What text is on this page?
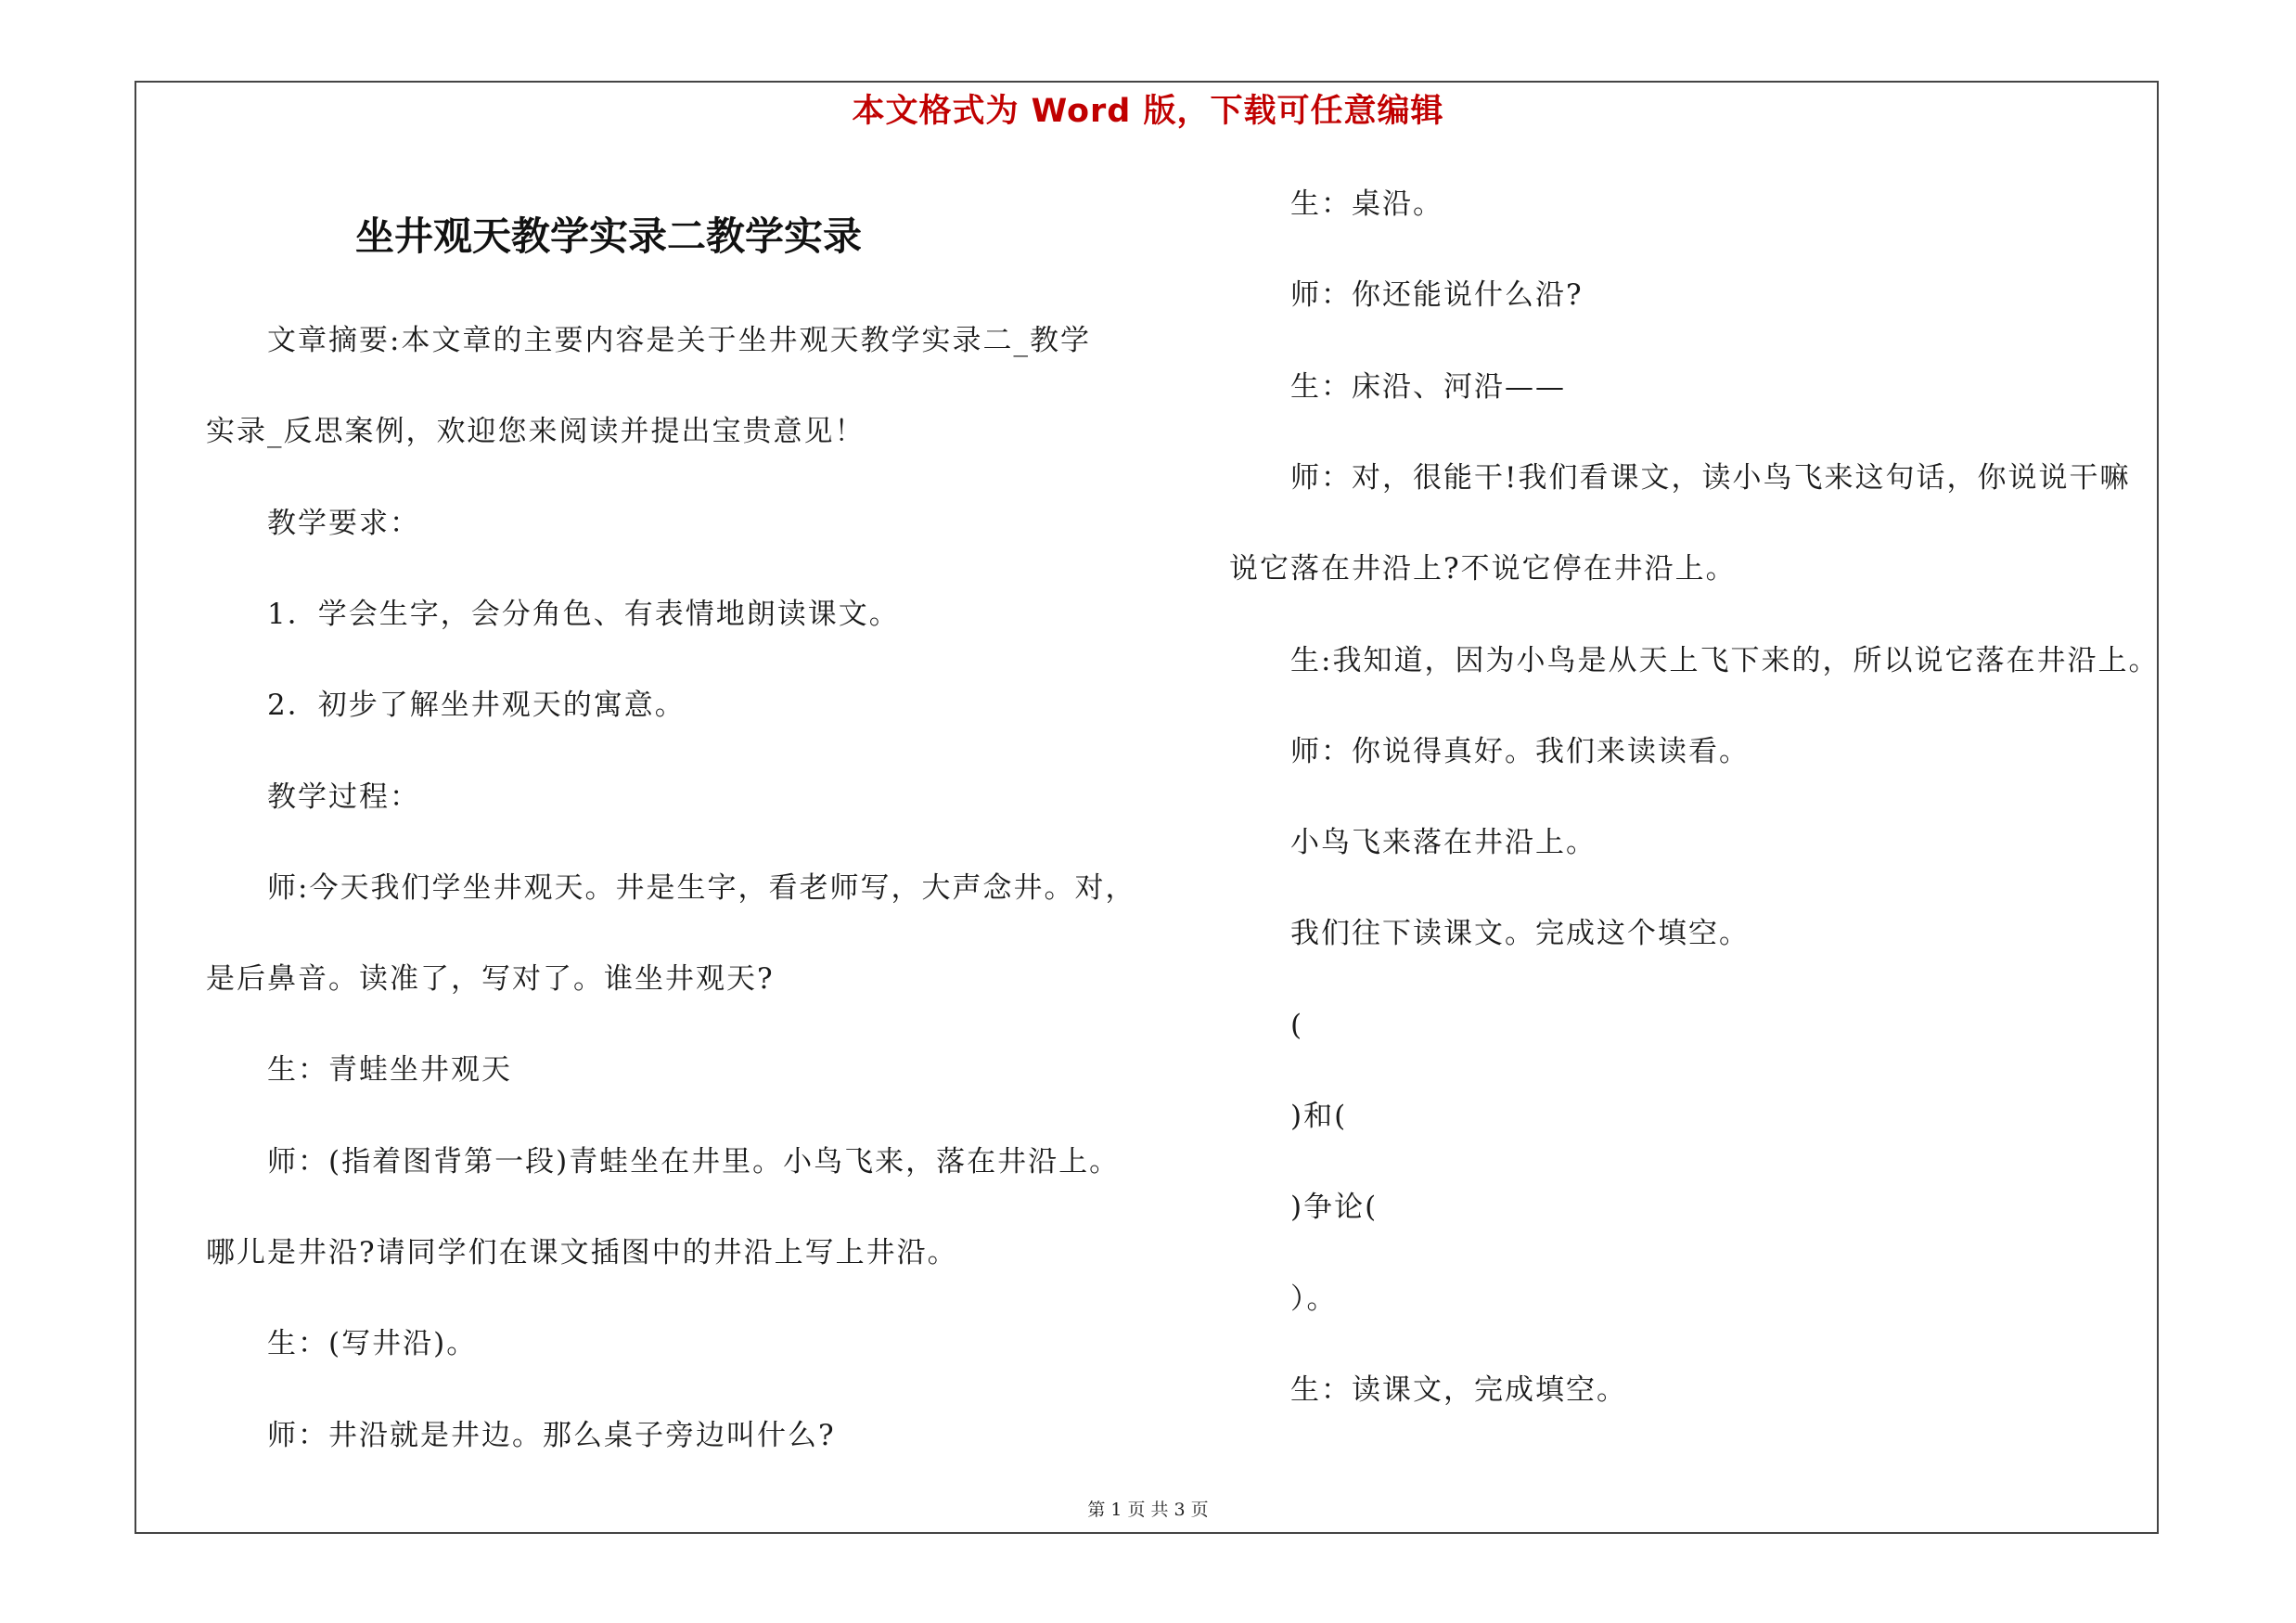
本文格式为 Word 版，下载可任意编辑
坐井观天教学实录二教学实录
文章摘要:本文章的主要内容是关于坐井观天教学实录二_教学
实录_反思案例，欢迎您来阅读并提出宝贵意见！
教学要求：
1．学会生字，会分角色、有表情地朗读课文。
2．初步了解坐井观天的寓意。
教学过程：
师:今天我们学坐井观天。井是生字，看老师写，大声念井。对，
是后鼻音。读准了，写对了。谁坐井观天?
生：青蛙坐井观天
师：(指着图背第一段)青蛙坐在井里。小鸟飞来，落在井沿上。
哪儿是井沿?请同学们在课文插图中的井沿上写上井沿。
生：(写井沿)。
师：井沿就是井边。那么桌子旁边叫什么?
生：桌沿。
师：你还能说什么沿?
生：床沿、河沿——
师：对，很能干!我们看课文，读小鸟飞来这句话，你说说干嘛
说它落在井沿上?不说它停在井沿上。
生:我知道，因为小鸟是从天上飞下来的，所以说它落在井沿上。
师：你说得真好。我们来读读看。
小鸟飞来落在井沿上。
我们往下读课文。完成这个填空。
(
)和(
)争论(
）。
生：读课文，完成填空。
第 1 页 共 3 页
